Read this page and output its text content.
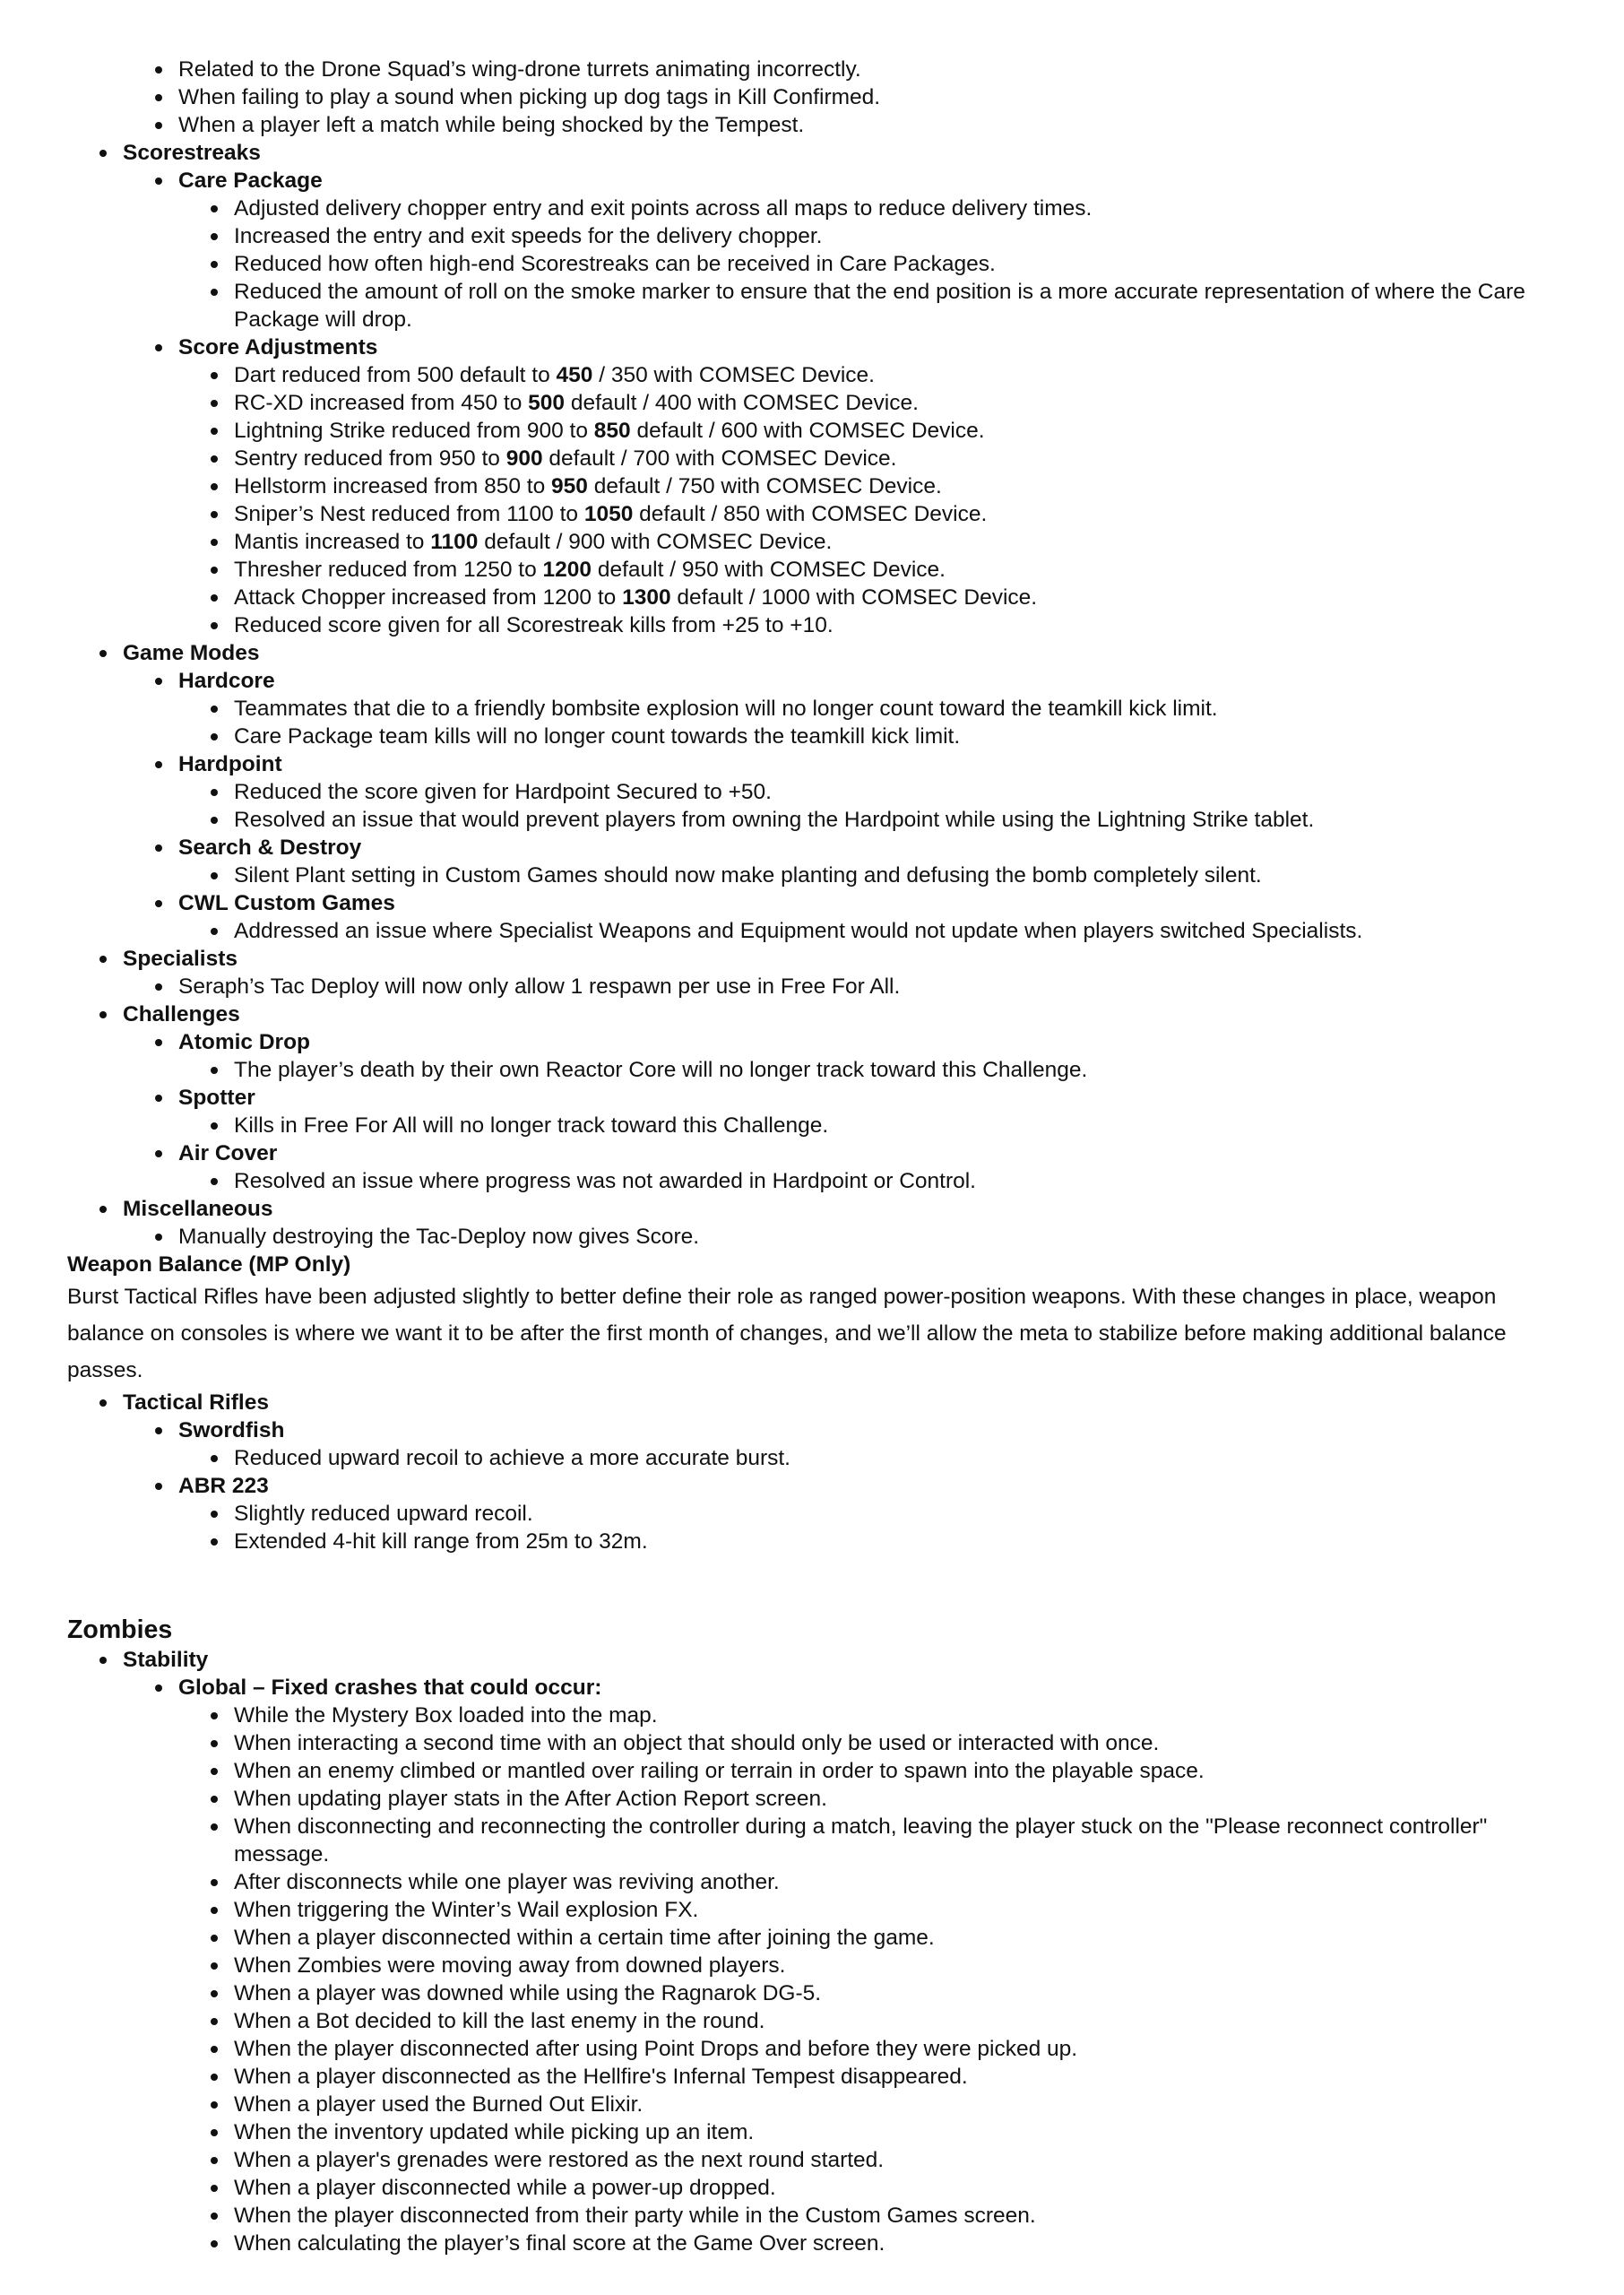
Related to the Drone Squad’s wing-drone turrets animating incorrectly.
When failing to play a sound when picking up dog tags in Kill Confirmed.
When a player left a match while being shocked by the Tempest.
Scorestreaks
Care Package
Adjusted delivery chopper entry and exit points across all maps to reduce delivery times.
Increased the entry and exit speeds for the delivery chopper.
Reduced how often high-end Scorestreaks can be received in Care Packages.
Reduced the amount of roll on the smoke marker to ensure that the end position is a more accurate representation of where the Care Package will drop.
Score Adjustments
Dart reduced from 500 default to 450 / 350 with COMSEC Device.
RC-XD increased from 450 to 500 default / 400 with COMSEC Device.
Lightning Strike reduced from 900 to 850 default / 600 with COMSEC Device.
Sentry reduced from 950 to 900 default / 700 with COMSEC Device.
Hellstorm increased from 850 to 950 default / 750 with COMSEC Device.
Sniper’s Nest reduced from 1100 to 1050 default / 850 with COMSEC Device.
Mantis increased to 1100 default / 900 with COMSEC Device.
Thresher reduced from 1250 to 1200 default / 950 with COMSEC Device.
Attack Chopper increased from 1200 to 1300 default / 1000 with COMSEC Device.
Reduced score given for all Scorestreak kills from +25 to +10.
Game Modes
Hardcore
Teammates that die to a friendly bombsite explosion will no longer count toward the teamkill kick limit.
Care Package team kills will no longer count towards the teamkill kick limit.
Hardpoint
Reduced the score given for Hardpoint Secured to +50.
Resolved an issue that would prevent players from owning the Hardpoint while using the Lightning Strike tablet.
Search & Destroy
Silent Plant setting in Custom Games should now make planting and defusing the bomb completely silent.
CWL Custom Games
Addressed an issue where Specialist Weapons and Equipment would not update when players switched Specialists.
Specialists
Seraph’s Tac Deploy will now only allow 1 respawn per use in Free For All.
Challenges
Atomic Drop
The player’s death by their own Reactor Core will no longer track toward this Challenge.
Spotter
Kills in Free For All will no longer track toward this Challenge.
Air Cover
Resolved an issue where progress was not awarded in Hardpoint or Control.
Miscellaneous
Manually destroying the Tac-Deploy now gives Score.
Weapon Balance (MP Only)
Burst Tactical Rifles have been adjusted slightly to better define their role as ranged power-position weapons. With these changes in place, weapon balance on consoles is where we want it to be after the first month of changes, and we’ll allow the meta to stabilize before making additional balance passes.
Tactical Rifles
Swordfish
Reduced upward recoil to achieve a more accurate burst.
ABR 223
Slightly reduced upward recoil.
Extended 4-hit kill range from 25m to 32m.
Zombies
Stability
Global – Fixed crashes that could occur:
While the Mystery Box loaded into the map.
When interacting a second time with an object that should only be used or interacted with once.
When an enemy climbed or mantled over railing or terrain in order to spawn into the playable space.
When updating player stats in the After Action Report screen.
When disconnecting and reconnecting the controller during a match, leaving the player stuck on the "Please reconnect controller" message.
After disconnects while one player was reviving another.
When triggering the Winter’s Wail explosion FX.
When a player disconnected within a certain time after joining the game.
When Zombies were moving away from downed players.
When a player was downed while using the Ragnarok DG-5.
When a Bot decided to kill the last enemy in the round.
When the player disconnected after using Point Drops and before they were picked up.
When a player disconnected as the Hellfire's Infernal Tempest disappeared.
When a player used the Burned Out Elixir.
When the inventory updated while picking up an item.
When a player's grenades were restored as the next round started.
When a player disconnected while a power-up dropped.
When the player disconnected from their party while in the Custom Games screen.
When calculating the player’s final score at the Game Over screen.
